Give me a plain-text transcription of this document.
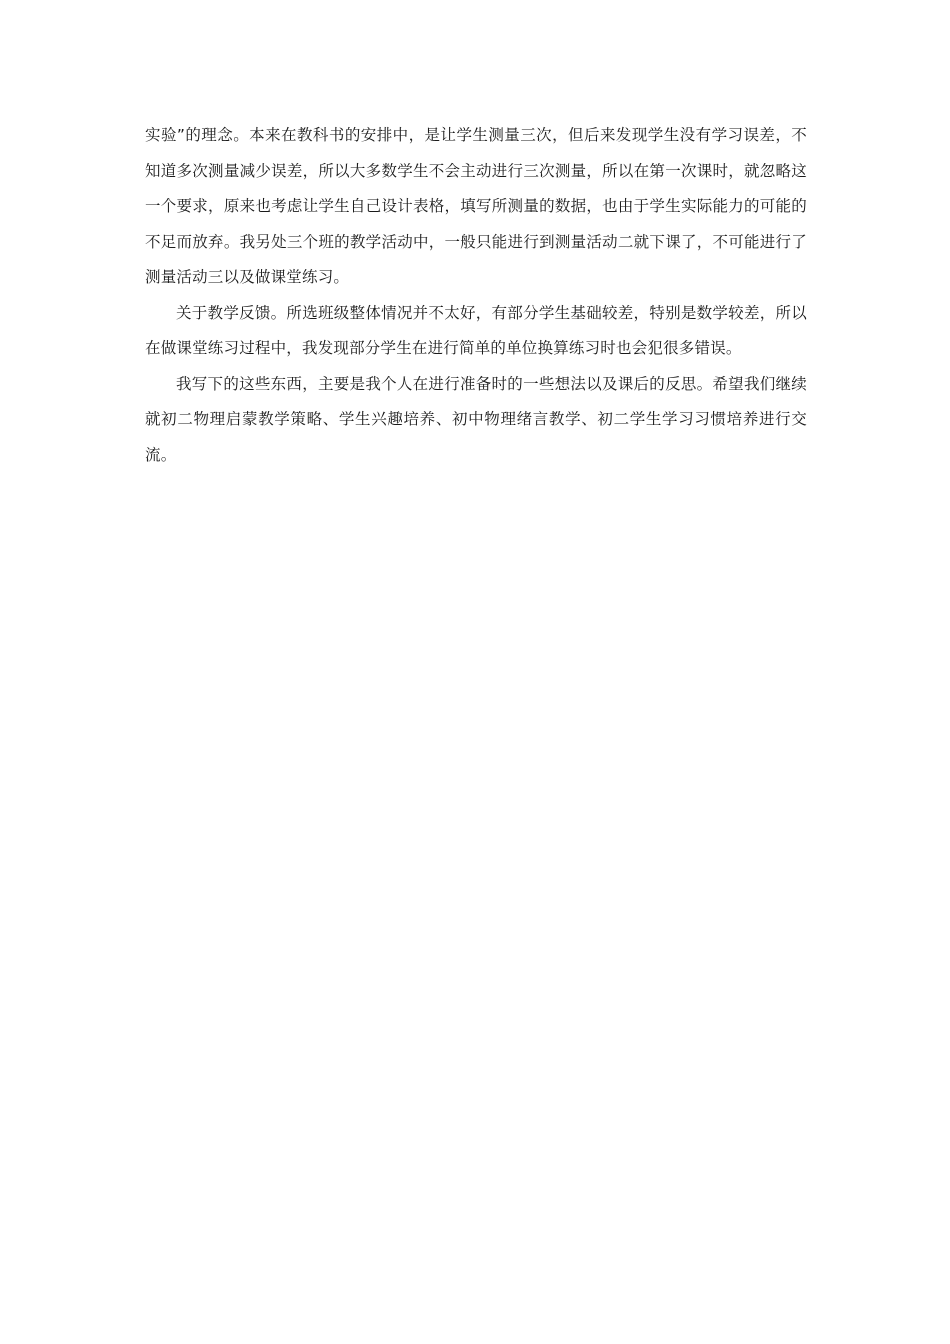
实验”的理念。本来在教科书的安排中，是让学生测量三次，但后来发现学生没有学习误差，不知道多次测量减少误差，所以大多数学生不会主动进行三次测量，所以在第一次课时，就忽略这一个要求，原来也考虑让学生自己设计表格，填写所测量的数据，也由于学生实际能力的可能的不足而放弃。我另处三个班的教学活动中，一般只能进行到测量活动二就下课了，不可能进行了测量活动三以及做课堂练习。

关于教学反馈。所选班级整体情况并不太好，有部分学生基础较差，特别是数学较差，所以在做课堂练习过程中，我发现部分学生在进行简单的单位换算练习时也会犯很多错误。

我写下的这些东西，主要是我个人在进行准备时的一些想法以及课后的反思。希望我们继续就初二物理启蒙教学策略、学生兴趣培养、初中物理绪言教学、初二学生学习习惯培养进行交流。
